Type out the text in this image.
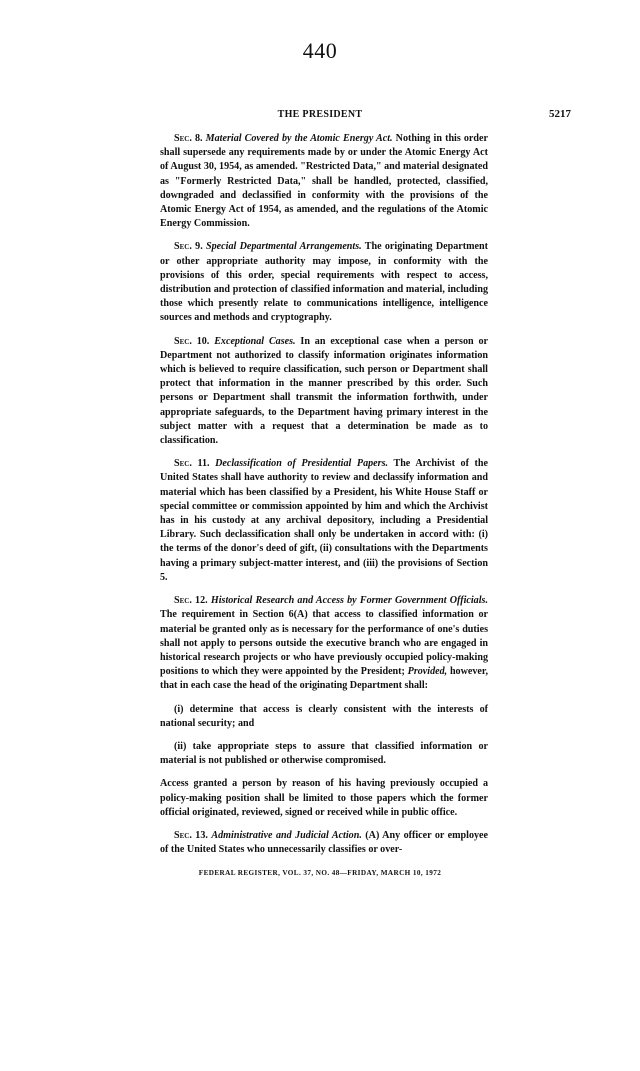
440
THE PRESIDENT	5217

Sec. 8. Material Covered by the Atomic Energy Act. Nothing in this order shall supersede any requirements made by or under the Atomic Energy Act of August 30, 1954, as amended. "Restricted Data," and material designated as "Formerly Restricted Data," shall be handled, protected, classified, downgraded and declassified in conformity with the provisions of the Atomic Energy Act of 1954, as amended, and the regulations of the Atomic Energy Commission.

Sec. 9. Special Departmental Arrangements. The originating Department or other appropriate authority may impose, in conformity with the provisions of this order, special requirements with respect to access, distribution and protection of classified information and material, including those which presently relate to communications intelligence, intelligence sources and methods and cryptography.

Sec. 10. Exceptional Cases. In an exceptional case when a person or Department not authorized to classify information originates information which is believed to require classification, such person or Department shall protect that information in the manner prescribed by this order. Such persons or Department shall transmit the information forthwith, under appropriate safeguards, to the Department having primary interest in the subject matter with a request that a determination be made as to classification.

Sec. 11. Declassification of Presidential Papers. The Archivist of the United States shall have authority to review and declassify information and material which has been classified by a President, his White House Staff or special committee or commission appointed by him and which the Archivist has in his custody at any archival depository, including a Presidential Library. Such declassification shall only be undertaken in accord with: (i) the terms of the donor's deed of gift, (ii) consultations with the Departments having a primary subject-matter interest, and (iii) the provisions of Section 5.

Sec. 12. Historical Research and Access by Former Government Officials. The requirement in Section 6(A) that access to classified information or material be granted only as is necessary for the performance of one's duties shall not apply to persons outside the executive branch who are engaged in historical research projects or who have previously occupied policy-making positions to which they were appointed by the President; Provided, however, that in each case the head of the originating Department shall:

(i) determine that access is clearly consistent with the interests of national security; and

(ii) take appropriate steps to assure that classified information or material is not published or otherwise compromised.

Access granted a person by reason of his having previously occupied a policy-making position shall be limited to those papers which the former official originated, reviewed, signed or received while in public office.

Sec. 13. Administrative and Judicial Action. (A) Any officer or employee of the United States who unnecessarily classifies or over-

FEDERAL REGISTER, VOL. 37, NO. 48—FRIDAY, MARCH 10, 1972
